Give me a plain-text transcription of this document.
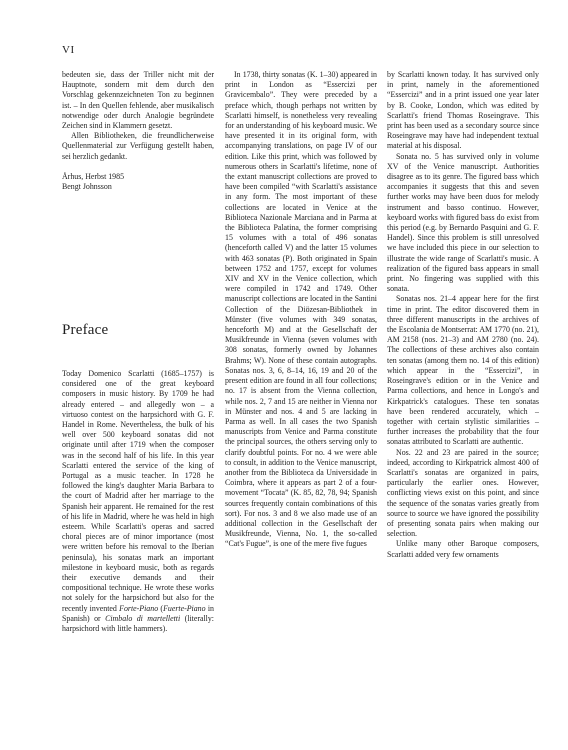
VI

bedeuten sie, dass der Triller nicht mit der Hauptnote, sondern mit dem durch den Vorschlag gekennzeichneten Ton zu beginnen ist. – In den Quellen fehlende, aber musikalisch notwendige oder durch Analogie begründete Zeichen sind in Klammern gesetzt.

Allen Bibliotheken, die freundlicherweise Quellenmaterial zur Verfügung gestellt haben, sei herzlich gedankt.

Århus, Herbst 1985
Bengt Johnsson
Preface

Today Domenico Scarlatti (1685–1757) is considered one of the great keyboard composers in music history. By 1709 he had already entered – and allegedly won – a virtuoso contest on the harpsichord with G. F. Handel in Rome. Nevertheless, the bulk of his well over 500 keyboard sonatas did not originate until after 1719 when the composer was in the second half of his life. In this year Scarlatti entered the service of the king of Portugal as a music teacher. In 1728 he followed the king's daughter Maria Barbara to the court of Madrid after her marriage to the Spanish heir apparent. He remained for the rest of his life in Madrid, where he was held in high esteem. While Scarlatti's operas and sacred choral pieces are of minor importance (most were written before his removal to the Iberian peninsula), his sonatas mark an important milestone in keyboard music, both as regards their executive demands and their compositional technique. He wrote these works not solely for the harpsichord but also for the recently invented Forte-Piano (Fuerte-Piano in Spanish) or Cimbalo di martelletti (literally: harpsichord with little hammers).

In 1738, thirty sonatas (K. 1–30) appeared in print in London as “Essercizi per Gravicembalo”. They were preceded by a preface which, though perhaps not written by Scarlatti himself, is nonetheless very revealing for an understanding of his keyboard music. We have presented it in its original form, with accompanying translations, on page IV of our edition. Like this print, which was followed by numerous others in Scarlatti's lifetime, none of the extant manuscript collections are proved to have been compiled “with Scarlatti's assistance in any form. The most important of these collections are located in Venice at the Biblioteca Nazionale Marciana and in Parma at the Biblioteca Palatina, the former comprising 15 volumes with a total of 496 sonatas (henceforth called V) and the latter 15 volumes with 463 sonatas (P). Both originated in Spain between 1752 and 1757, except for volumes XIV and XV in the Venice collection, which were compiled in 1742 and 1749. Other manuscript collections are located in the Santini Collection of the Diözesan-Bibliothek in Münster (five volumes with 349 sonatas, henceforth M) and at the Gesellschaft der Musikfreunde in Vienna (seven volumes with 308 sonatas, formerly owned by Johannes Brahms; W). None of these contain autographs. Sonatas nos. 3, 6, 8–14, 16, 19 and 20 of the present edition are found in all four collections; no. 17 is absent from the Vienna collection, while nos. 2, 7 and 15 are neither in Vienna nor in Münster and nos. 4 and 5 are lacking in Parma as well. In all cases the two Spanish manuscripts from Venice and Parma constitute the principal sources, the others serving only to clarify doubtful points. For no. 4 we were able to consult, in addition to the Venice manuscript, another from the Biblioteca da Universidade in Coimbra, where it appears as part 2 of a four-movement “Tocata” (K. 85, 82, 78, 94; Spanish sources frequently contain combinations of this sort). For nos. 3 and 8 we also made use of an additional collection in the Gesellschaft der Musikfreunde, Vienna, No. 1, the so-called “Cat's Fugue”, is one of the mere five fugues

by Scarlatti known today. It has survived only in print, namely in the aforementioned “Essercizi” and in a print issued one year later by B. Cooke, London, which was edited by Scarlatti's friend Thomas Roseingrave. This print has been used as a secondary source since Roseingrave may have had independent textual material at his disposal.

Sonata no. 5 has survived only in volume XV of the Venice manuscript. Authorities disagree as to its genre. The figured bass which accompanies it suggests that this and seven further works may have been duos for melody instrument and basso continuo. However, keyboard works with figured bass do exist from this period (e.g. by Bernardo Pasquini and G. F. Handel). Since this problem is still unresolved we have included this piece in our selection to illustrate the wide range of Scarlatti's music. A realization of the figured bass appears in small print. No fingering was supplied with this sonata.

Sonatas nos. 21–4 appear here for the first time in print. The editor discovered them in three different manuscripts in the archives of the Escolania de Montserrat: AM 1770 (no. 21), AM 2158 (nos. 21–3) and AM 2780 (no. 24). The collections of these archives also contain ten sonatas (among them no. 14 of this edition) which appear in the “Essercizi”, in Roseingrave's edition or in the Venice and Parma collections, and hence in Longo's and Kirkpatrick's catalogues. These ten sonatas have been rendered accurately, which – together with certain stylistic similarities – further increases the probability that the four sonatas attributed to Scarlatti are authentic.

Nos. 22 and 23 are paired in the source; indeed, according to Kirkpatrick almost 400 of Scarlatti's sonatas are organized in pairs, particularly the earlier ones. However, conflicting views exist on this point, and since the sequence of the sonatas varies greatly from source to source we have ignored the possibility of presenting sonata pairs when making our selection.

Unlike many other Baroque composers, Scarlatti added very few ornaments
